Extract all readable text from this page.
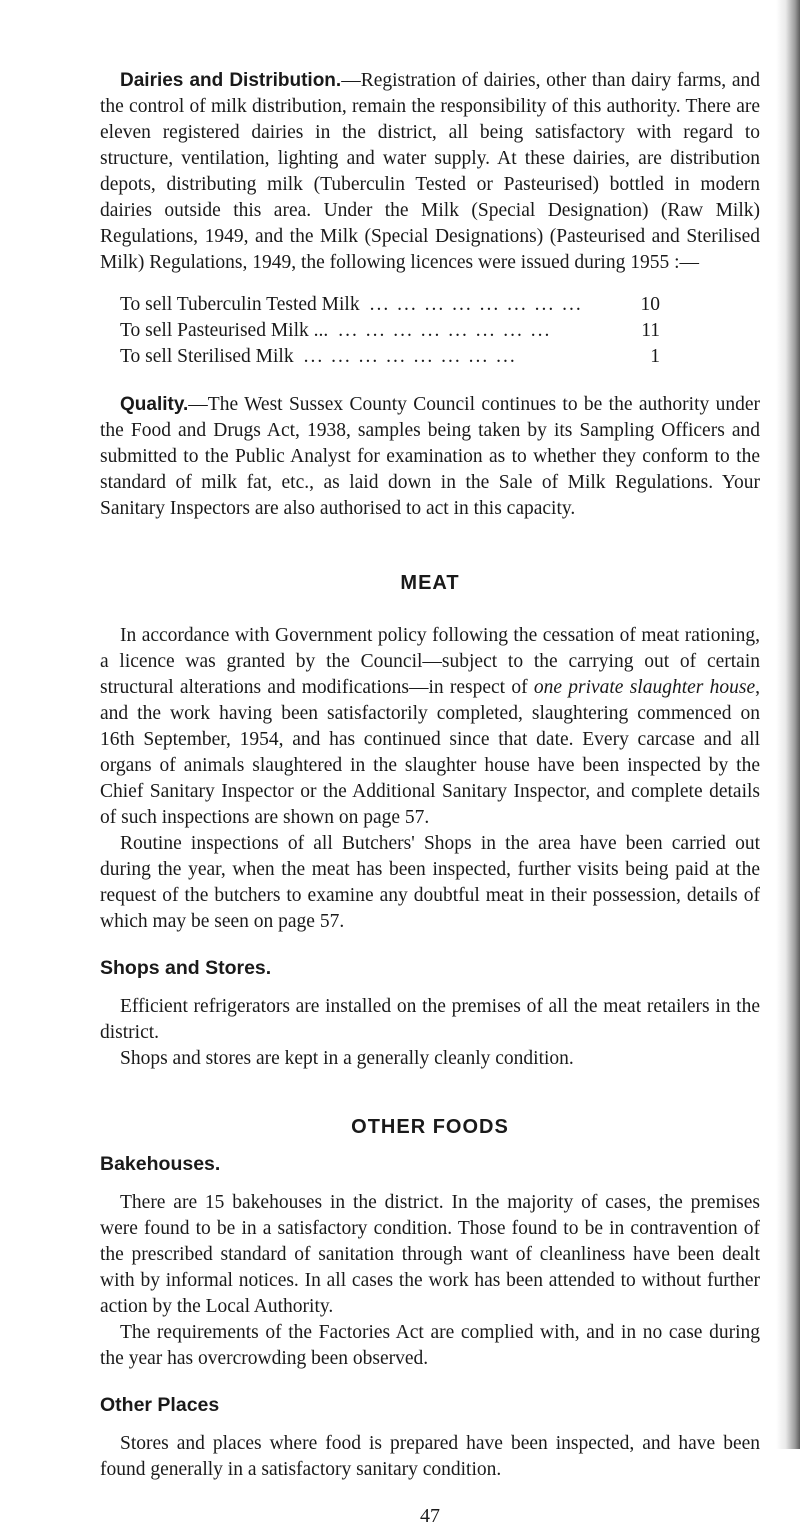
Dairies and Distribution.—Registration of dairies, other than dairy farms, and the control of milk distribution, remain the responsibility of this authority. There are eleven registered dairies in the district, all being satisfactory with regard to structure, ventilation, lighting and water supply. At these dairies, are distribution depots, distributing milk (Tuberculin Tested or Pasteurised) bottled in modern dairies outside this area. Under the Milk (Special Designation) (Raw Milk) Regulations, 1949, and the Milk (Special Designations) (Pasteurised and Sterilised Milk) Regulations, 1949, the following licences were issued during 1955 :—

To sell Tuberculin Tested Milk ... ... ... ... ... ... ... ...	10
To sell Pasteurised Milk ... ... ... ... ... ... ... ... ...	11
To sell Sterilised Milk ... ... ... ... ... ... ... ...	1

Quality.—The West Sussex County Council continues to be the authority under the Food and Drugs Act, 1938, samples being taken by its Sampling Officers and submitted to the Public Analyst for examination as to whether they conform to the standard of milk fat, etc., as laid down in the Sale of Milk Regulations. Your Sanitary Inspectors are also authorised to act in this capacity.

MEAT

In accordance with Government policy following the cessation of meat rationing, a licence was granted by the Council—subject to the carrying out of certain structural alterations and modifications—in respect of one private slaughter house, and the work having been satisfactorily completed, slaughtering commenced on 16th September, 1954, and has continued since that date. Every carcase and all organs of animals slaughtered in the slaughter house have been inspected by the Chief Sanitary Inspector or the Additional Sanitary Inspector, and complete details of such inspections are shown on page 57.

Routine inspections of all Butchers' Shops in the area have been carried out during the year, when the meat has been inspected, further visits being paid at the request of the butchers to examine any doubtful meat in their possession, details of which may be seen on page 57.

Shops and Stores.

Efficient refrigerators are installed on the premises of all the meat retailers in the district.

Shops and stores are kept in a generally cleanly condition.

OTHER FOODS
Bakehouses.

There are 15 bakehouses in the district. In the majority of cases, the premises were found to be in a satisfactory condition. Those found to be in contravention of the prescribed standard of sanitation through want of cleanliness have been dealt with by informal notices. In all cases the work has been attended to without further action by the Local Authority.

The requirements of the Factories Act are complied with, and in no case during the year has overcrowding been observed.

Other Places

Stores and places where food is prepared have been inspected, and have been found generally in a satisfactory sanitary condition.

47
